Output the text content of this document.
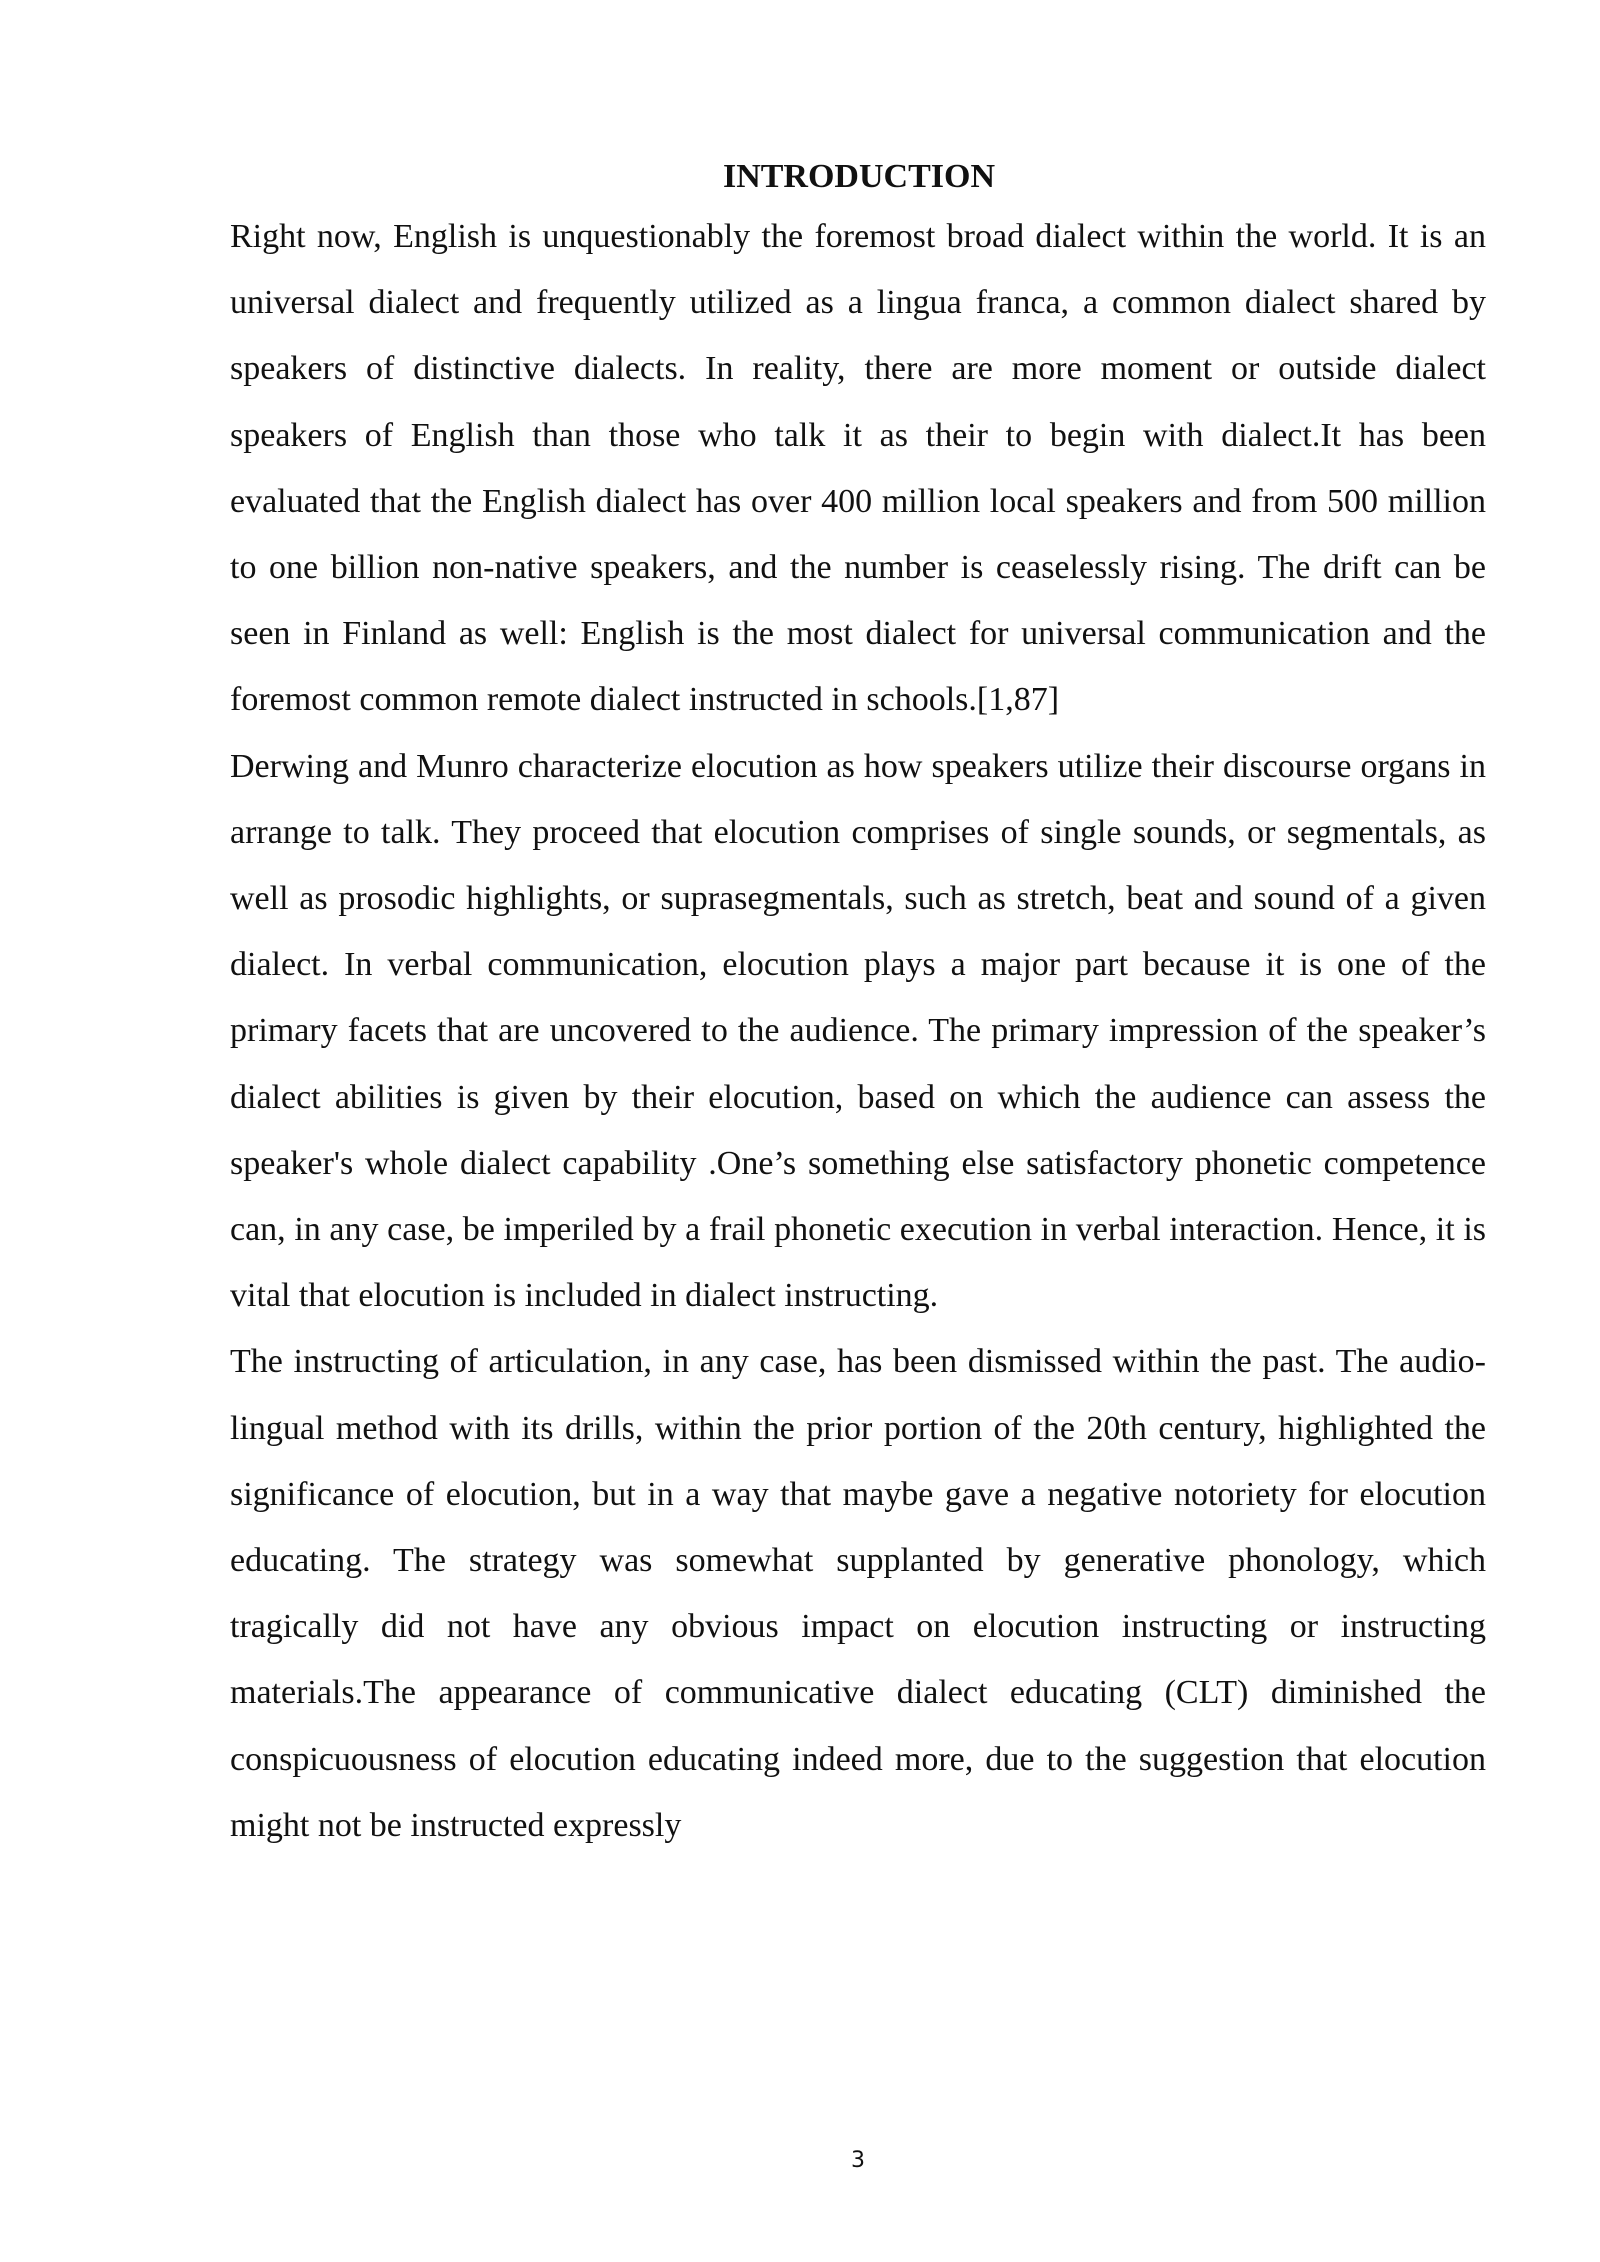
INTRODUCTION

Right now, English is unquestionably the foremost broad dialect within the world. It is an universal dialect and frequently utilized as a lingua franca, a common dialect shared by speakers of distinctive dialects. In reality, there are more moment or outside dialect speakers of English than those who talk it as their to begin with dialect.It has been evaluated that the English dialect has over 400 million local speakers and from 500 million to one billion non-native speakers, and the number is ceaselessly rising. The drift can be seen in Finland as well: English is the most dialect for universal communication and the foremost common remote dialect instructed in schools.[1,87]

Derwing and Munro characterize elocution as how speakers utilize their discourse organs in arrange to talk. They proceed that elocution comprises of single sounds, or segmentals, as well as prosodic highlights, or suprasegmentals, such as stretch, beat and sound of a given dialect. In verbal communication, elocution plays a major part because it is one of the primary facets that are uncovered to the audience. The primary impression of the speaker’s dialect abilities is given by their elocution, based on which the audience can assess the speaker's whole dialect capability .One’s something else satisfactory phonetic competence can, in any case, be imperiled by a frail phonetic execution in verbal interaction. Hence, it is vital that elocution is included in dialect instructing.

The instructing of articulation, in any case, has been dismissed within the past. The audio-lingual method with its drills, within the prior portion of the 20th century, highlighted the significance of elocution, but in a way that maybe gave a negative notoriety for elocution educating. The strategy was somewhat supplanted by generative phonology, which tragically did not have any obvious impact on elocution instructing or instructing materials.The appearance of communicative dialect educating (CLT) diminished the conspicuousness of elocution educating indeed more, due to the suggestion that elocution might not be instructed expressly

3
